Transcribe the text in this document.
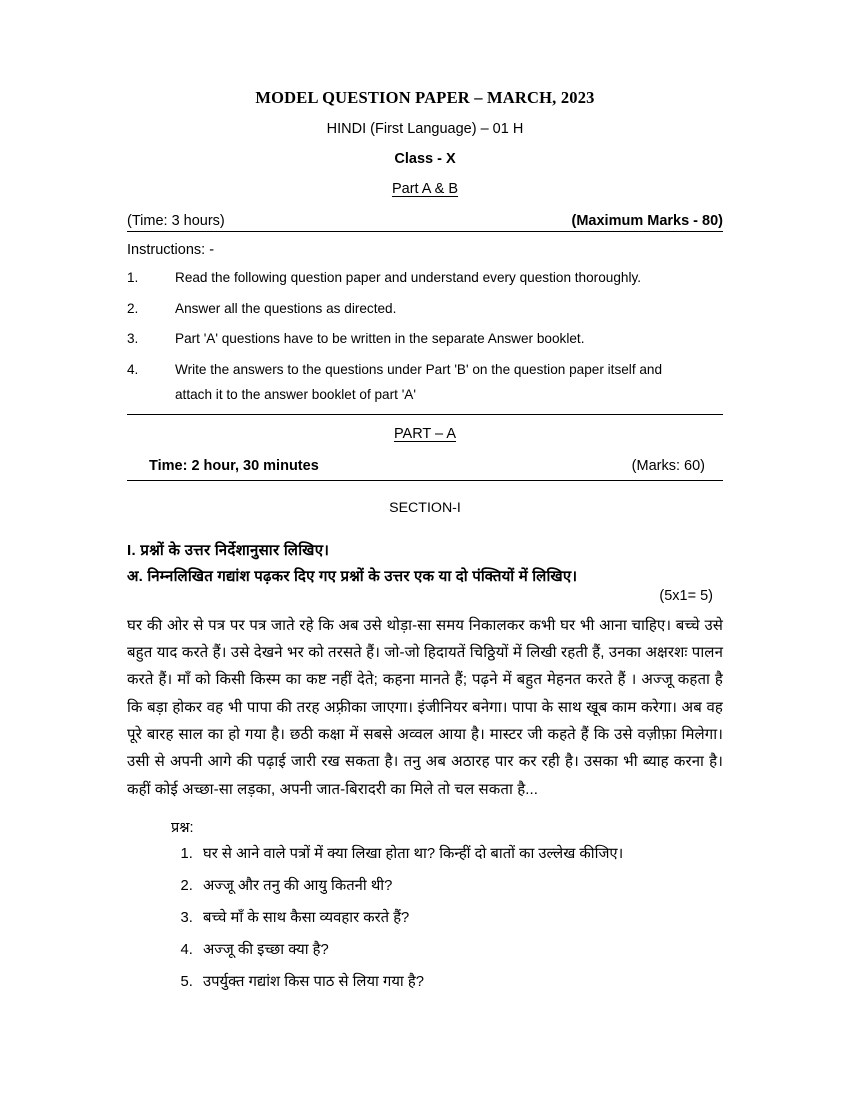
MODEL QUESTION PAPER – MARCH, 2023
HINDI (First Language) – 01 H
Class - X
Part A & B
(Time: 3 hours)	(Maximum Marks - 80)
Instructions: -
1.	Read the following question paper and understand every question thoroughly.
2.	Answer all the questions as directed.
3.	Part 'A' questions have to be written in the separate Answer booklet.
4.	Write the answers to the questions under Part 'B' on the question paper itself and
attach it to the answer booklet of part 'A'
PART – A
Time: 2 hour, 30 minutes	(Marks: 60)
SECTION-I
I. प्रश्नों के उत्तर निर्देशानुसार लिखिए।
अ. निम्नलिखित गद्यांश पढ़कर दिए गए प्रश्नों के उत्तर एक या दो पंक्तियों में लिखिए।
(5x1= 5)
घर की ओर से पत्र पर पत्र जाते रहे कि अब उसे थोड़ा-सा समय निकालकर कभी घर भी आना चाहिए। बच्चे उसे बहुत याद करते हैं। उसे देखने भर को तरसते हैं। जो-जो हिदायतें चिठ्ठियों में लिखी रहती हैं, उनका अक्षरशः पालन करते हैं। माँ को किसी किस्म का कष्ट नहीं देते; कहना मानते हैं; पढ़ने में बहुत मेहनत करते हैं । अज्जू कहता है कि बड़ा होकर वह भी पापा की तरह अफ़्रीका जाएगा। इंजीनियर बनेगा। पापा के साथ खूब काम करेगा। अब वह पूरे बारह साल का हो गया है। छठी कक्षा में सबसे अव्वल आया है। मास्टर जी कहते हैं कि उसे वज़ीफ़ा मिलेगा। उसी से अपनी आगे की पढ़ाई जारी रख सकता है। तनु अब अठारह पार कर रही है। उसका भी ब्याह करना है। कहीं कोई अच्छा-सा लड़का, अपनी जात-बिरादरी का मिले तो चल सकता है...
प्रश्न:
1. घर से आने वाले पत्रों में क्या लिखा होता था? किन्हीं दो बातों का उल्लेख कीजिए।
2. अज्जू और तनु की आयु कितनी थी?
3. बच्चे माँ के साथ कैसा व्यवहार करते हैं?
4. अज्जू की इच्छा क्या है?
5. उपर्युक्त गद्यांश किस पाठ से लिया गया है?
